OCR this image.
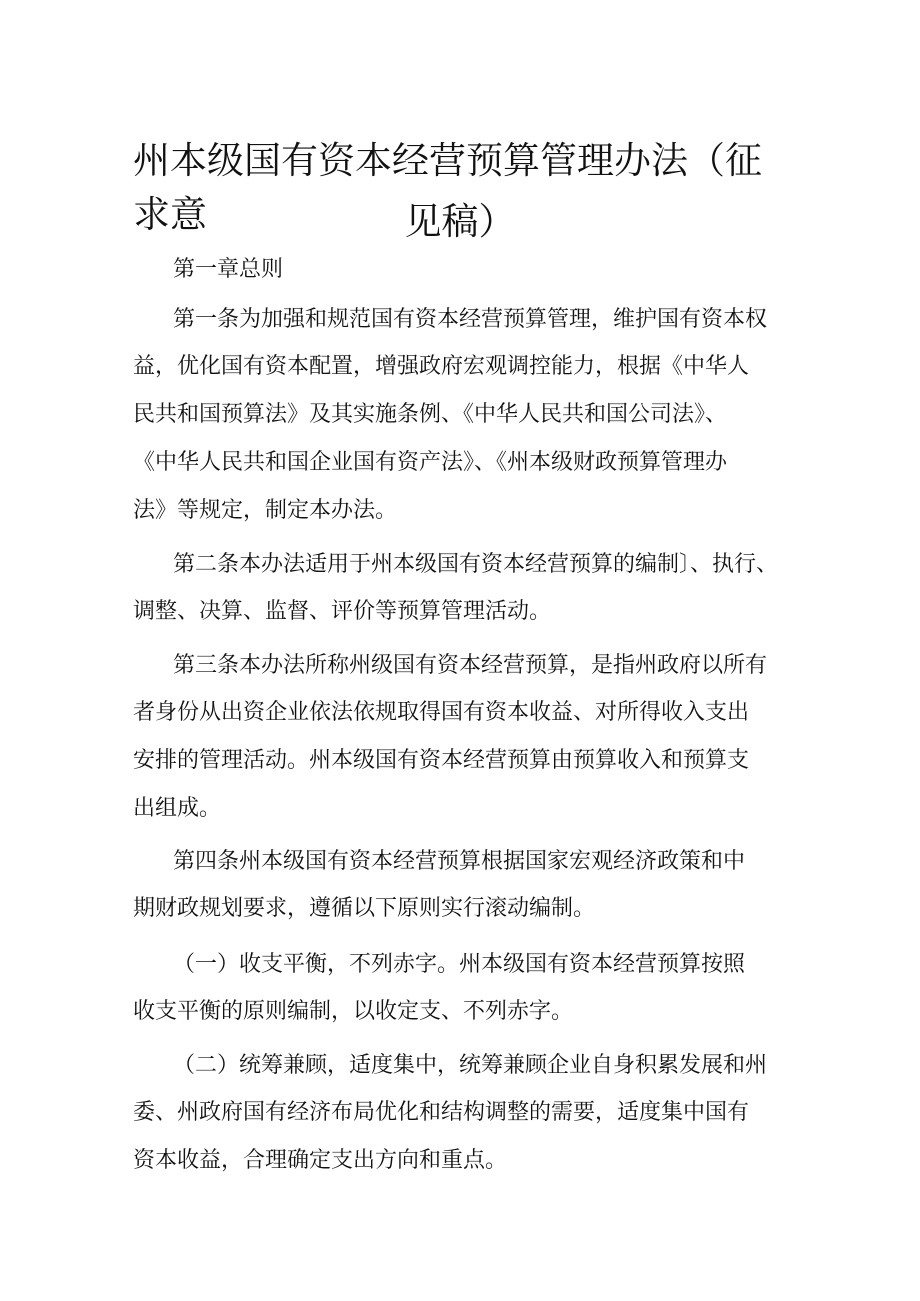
州本级国有资本经营预算管理办法（征求意	见稿）
第一章总则
第一条为加强和规范国有资本经营预算管理，维护国有资本权
益，优化国有资本配置，增强政府宏观调控能力，根据《中华人
民共和国预算法》及其实施条例、《中华人民共和国公司法》、
《中华人民共和国企业国有资产法》、《州本级财政预算管理办
法》等规定，制定本办法。
第二条本办法适用于州本级国有资本经营预算的编制〕、执行、
调整、决算、监督、评价等预算管理活动。
第三条本办法所称州级国有资本经营预算，是指州政府以所有
者身份从出资企业依法依规取得国有资本收益、对所得收入支出
安排的管理活动。州本级国有资本经营预算由预算收入和预算支
出组成。
第四条州本级国有资本经营预算根据国家宏观经济政策和中
期财政规划要求，遵循以下原则实行滚动编制。
（一）收支平衡，不列赤字。州本级国有资本经营预算按照
收支平衡的原则编制，以收定支、不列赤字。
（二）统筹兼顾，适度集中，统筹兼顾企业自身积累发展和州
委、州政府国有经济布局优化和结构调整的需要，适度集中国有
资本收益，合理确定支出方向和重点。
